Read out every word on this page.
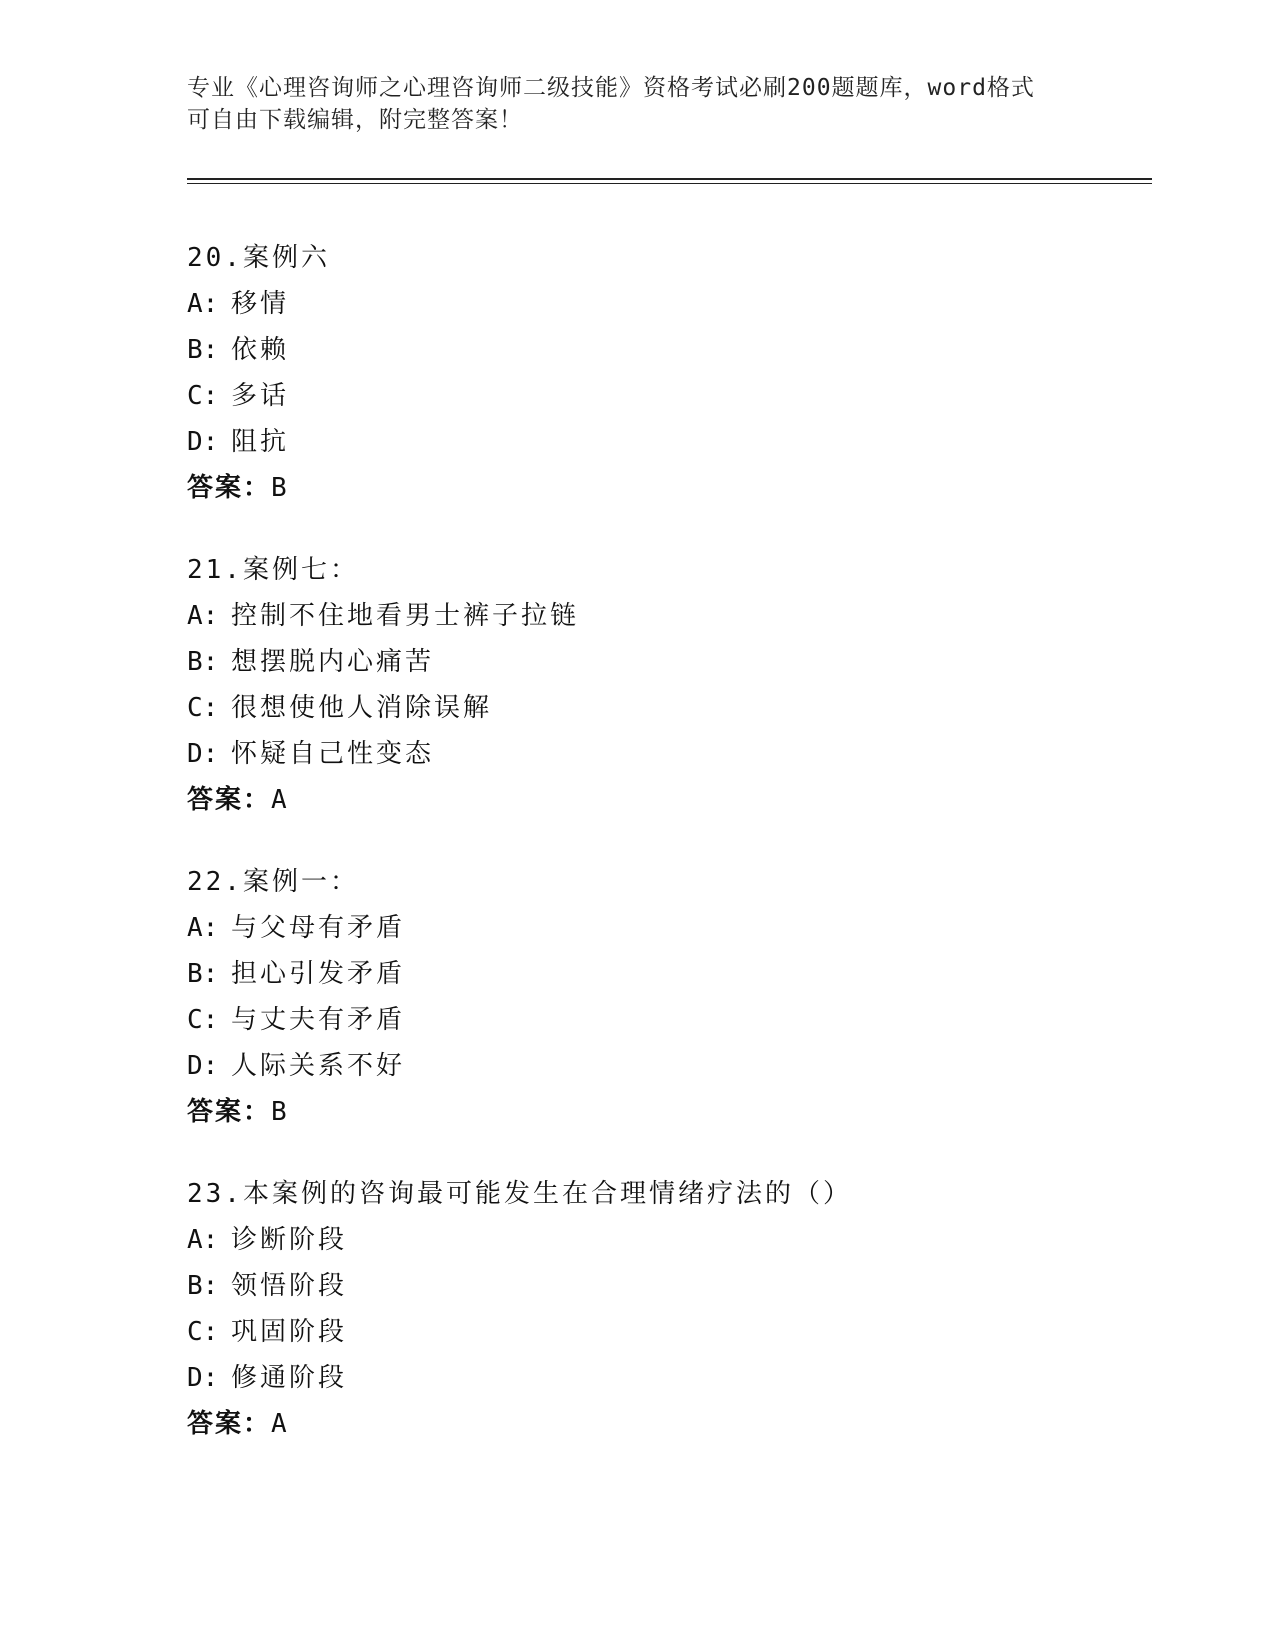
专业《心理咨询师之心理咨询师二级技能》资格考试必刷200题题库，word格式
可自由下载编辑，附完整答案！
20.案例六
A: 移情
B: 依赖
C: 多话
D: 阻抗
答案：B
21.案例七：
A: 控制不住地看男士裤子拉链
B: 想摆脱内心痛苦
C: 很想使他人消除误解
D: 怀疑自己性变态
答案：A
22.案例一：
A: 与父母有矛盾
B: 担心引发矛盾
C: 与丈夫有矛盾
D: 人际关系不好
答案：B
23.本案例的咨询最可能发生在合理情绪疗法的（）
A: 诊断阶段
B: 领悟阶段
C: 巩固阶段
D: 修通阶段
答案：A
